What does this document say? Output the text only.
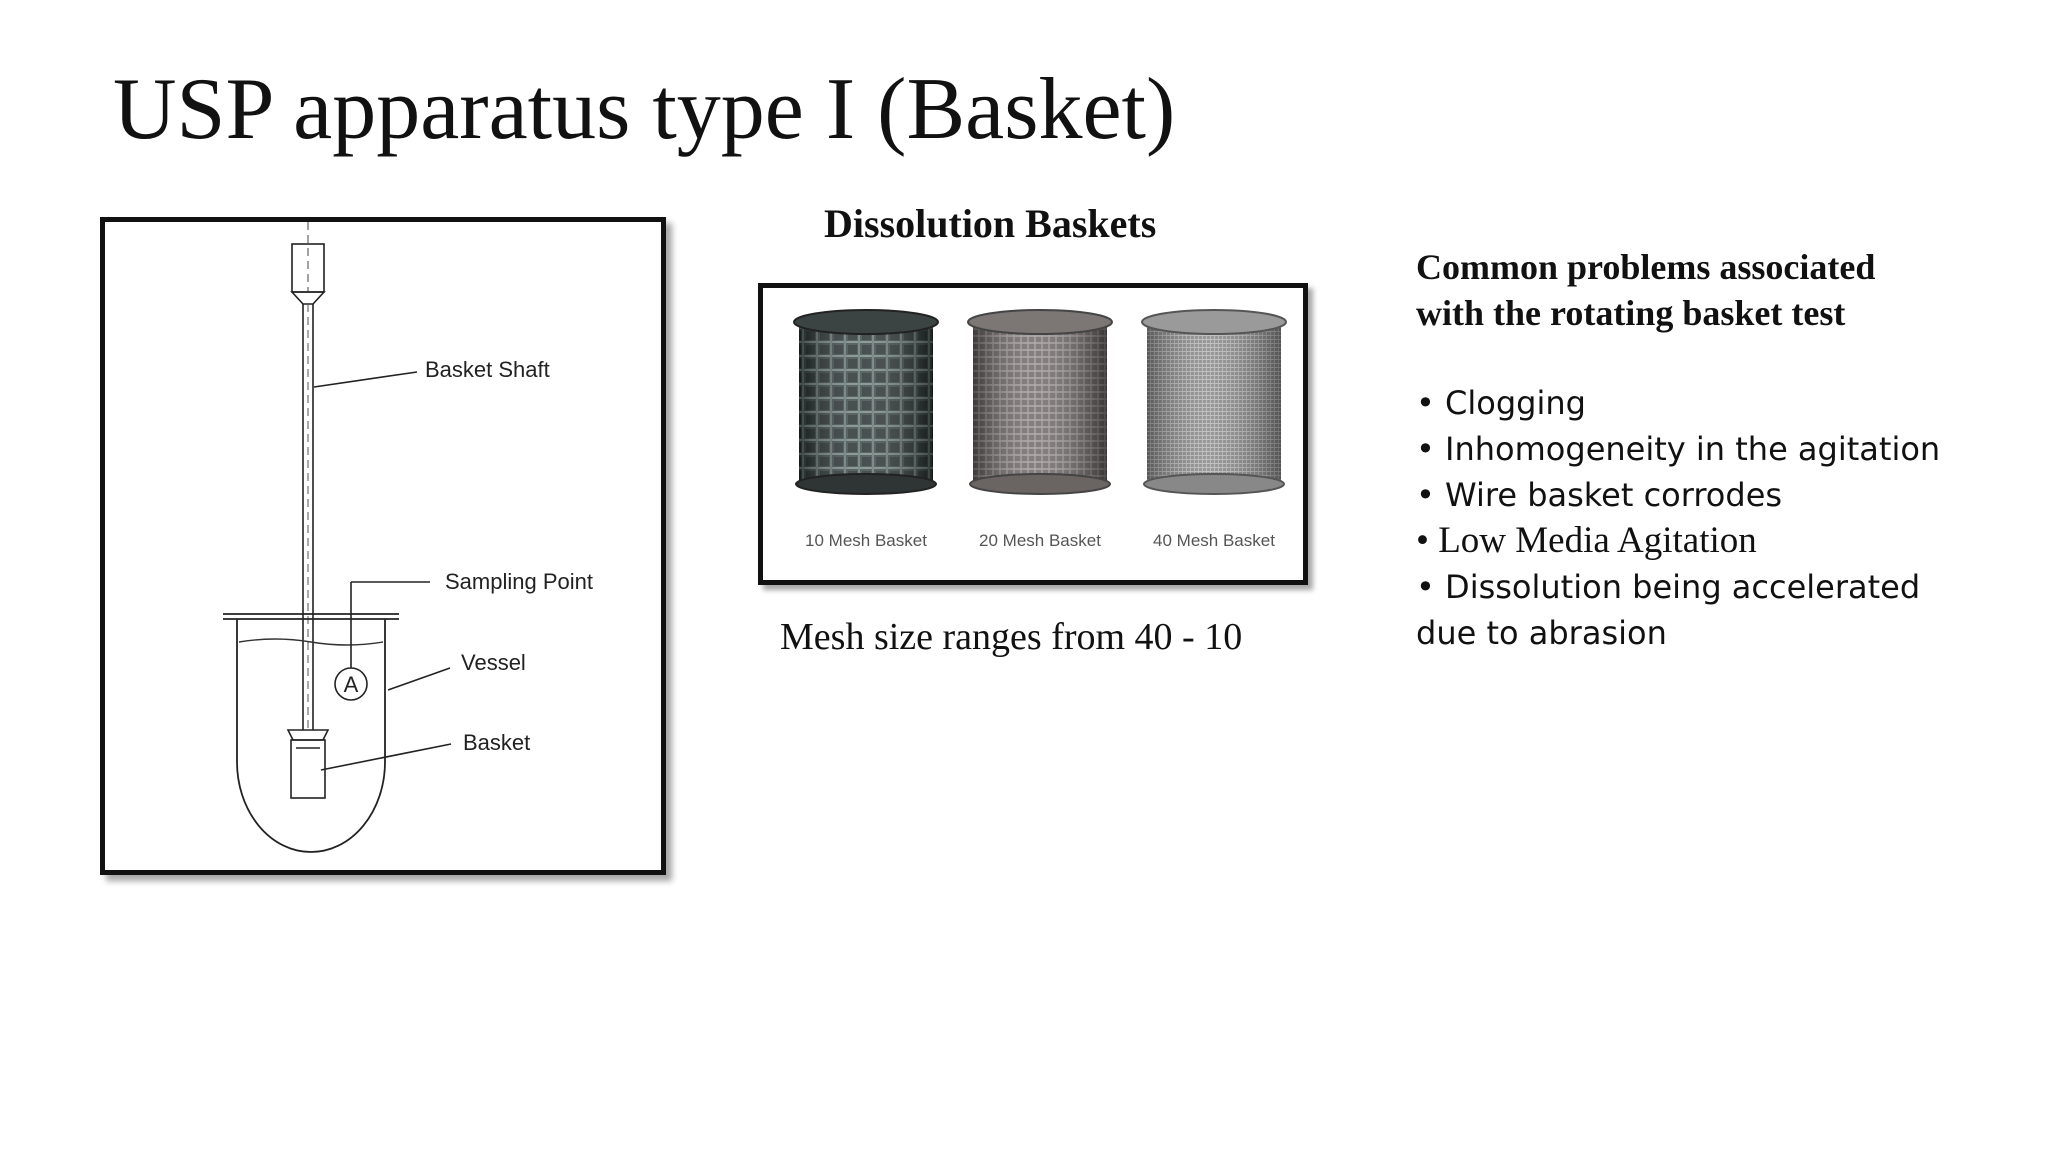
USP apparatus type I (Basket)
Basket Shaft
Sampling Point
A
Vessel
Basket
Dissolution Baskets
10 Mesh Basket	20 Mesh Basket	40 Mesh Basket
Mesh size ranges from 40 - 10
Common problems associated
with the rotating basket test
• Clogging
• Inhomogeneity in the agitation
• Wire basket corrodes
• Low Media Agitation
• Dissolution being accelerated due to abrasion
